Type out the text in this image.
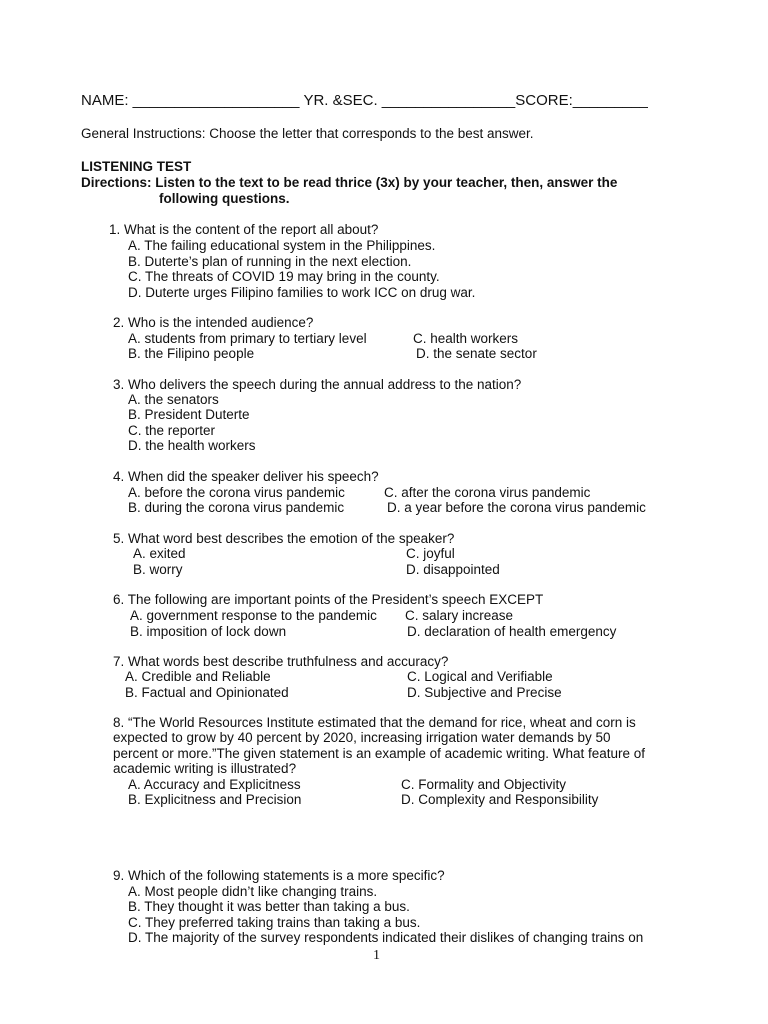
NAME: ____________________ YR. &SEC. ________________SCORE:_________
General Instructions: Choose the letter that corresponds to the best answer.
LISTENING TEST
Directions: Listen to the text to be read thrice (3x) by your teacher, then, answer the
following questions.
1. What is the content of the report all about?
A. The failing educational system in the Philippines.
B. Duterte’s plan of running in the next election.
C. The threats of COVID 19 may bring in the county.
D. Duterte urges Filipino families to work ICC on drug war.
2. Who is the intended audience?
A. students from primary to tertiary level	C. health workers
B. the Filipino people	D. the senate sector
3. Who delivers the speech during the annual address to the nation?
A. the senators
B. President Duterte
C. the reporter
D. the health workers
4. When did the speaker deliver his speech?
A. before the corona virus pandemic	C. after the corona virus pandemic
B. during the corona virus pandemic	D. a year before the corona virus pandemic
5. What word best describes the emotion of the speaker?
A. exited	C. joyful
B. worry	D. disappointed
6. The following are important points of the President’s speech EXCEPT
A. government response to the pandemic C. salary increase
B. imposition of lock down	D. declaration of health emergency
7. What words best describe truthfulness and accuracy?
A. Credible and Reliable	C. Logical and Verifiable
B. Factual and Opinionated	D. Subjective and Precise
8. “The World Resources Institute estimated that the demand for rice, wheat and corn is
expected to grow by 40 percent by 2020, increasing irrigation water demands by 50
percent or more.”The given statement is an example of academic writing. What feature of
academic writing is illustrated?
A. Accuracy and Explicitness	C. Formality and Objectivity
B. Explicitness and Precision	D. Complexity and Responsibility
9. Which of the following statements is a more specific?
A. Most people didn’t like changing trains.
B. They thought it was better than taking a bus.
C. They preferred taking trains than taking a bus.
D. The majority of the survey respondents indicated their dislikes of changing trains on
1
